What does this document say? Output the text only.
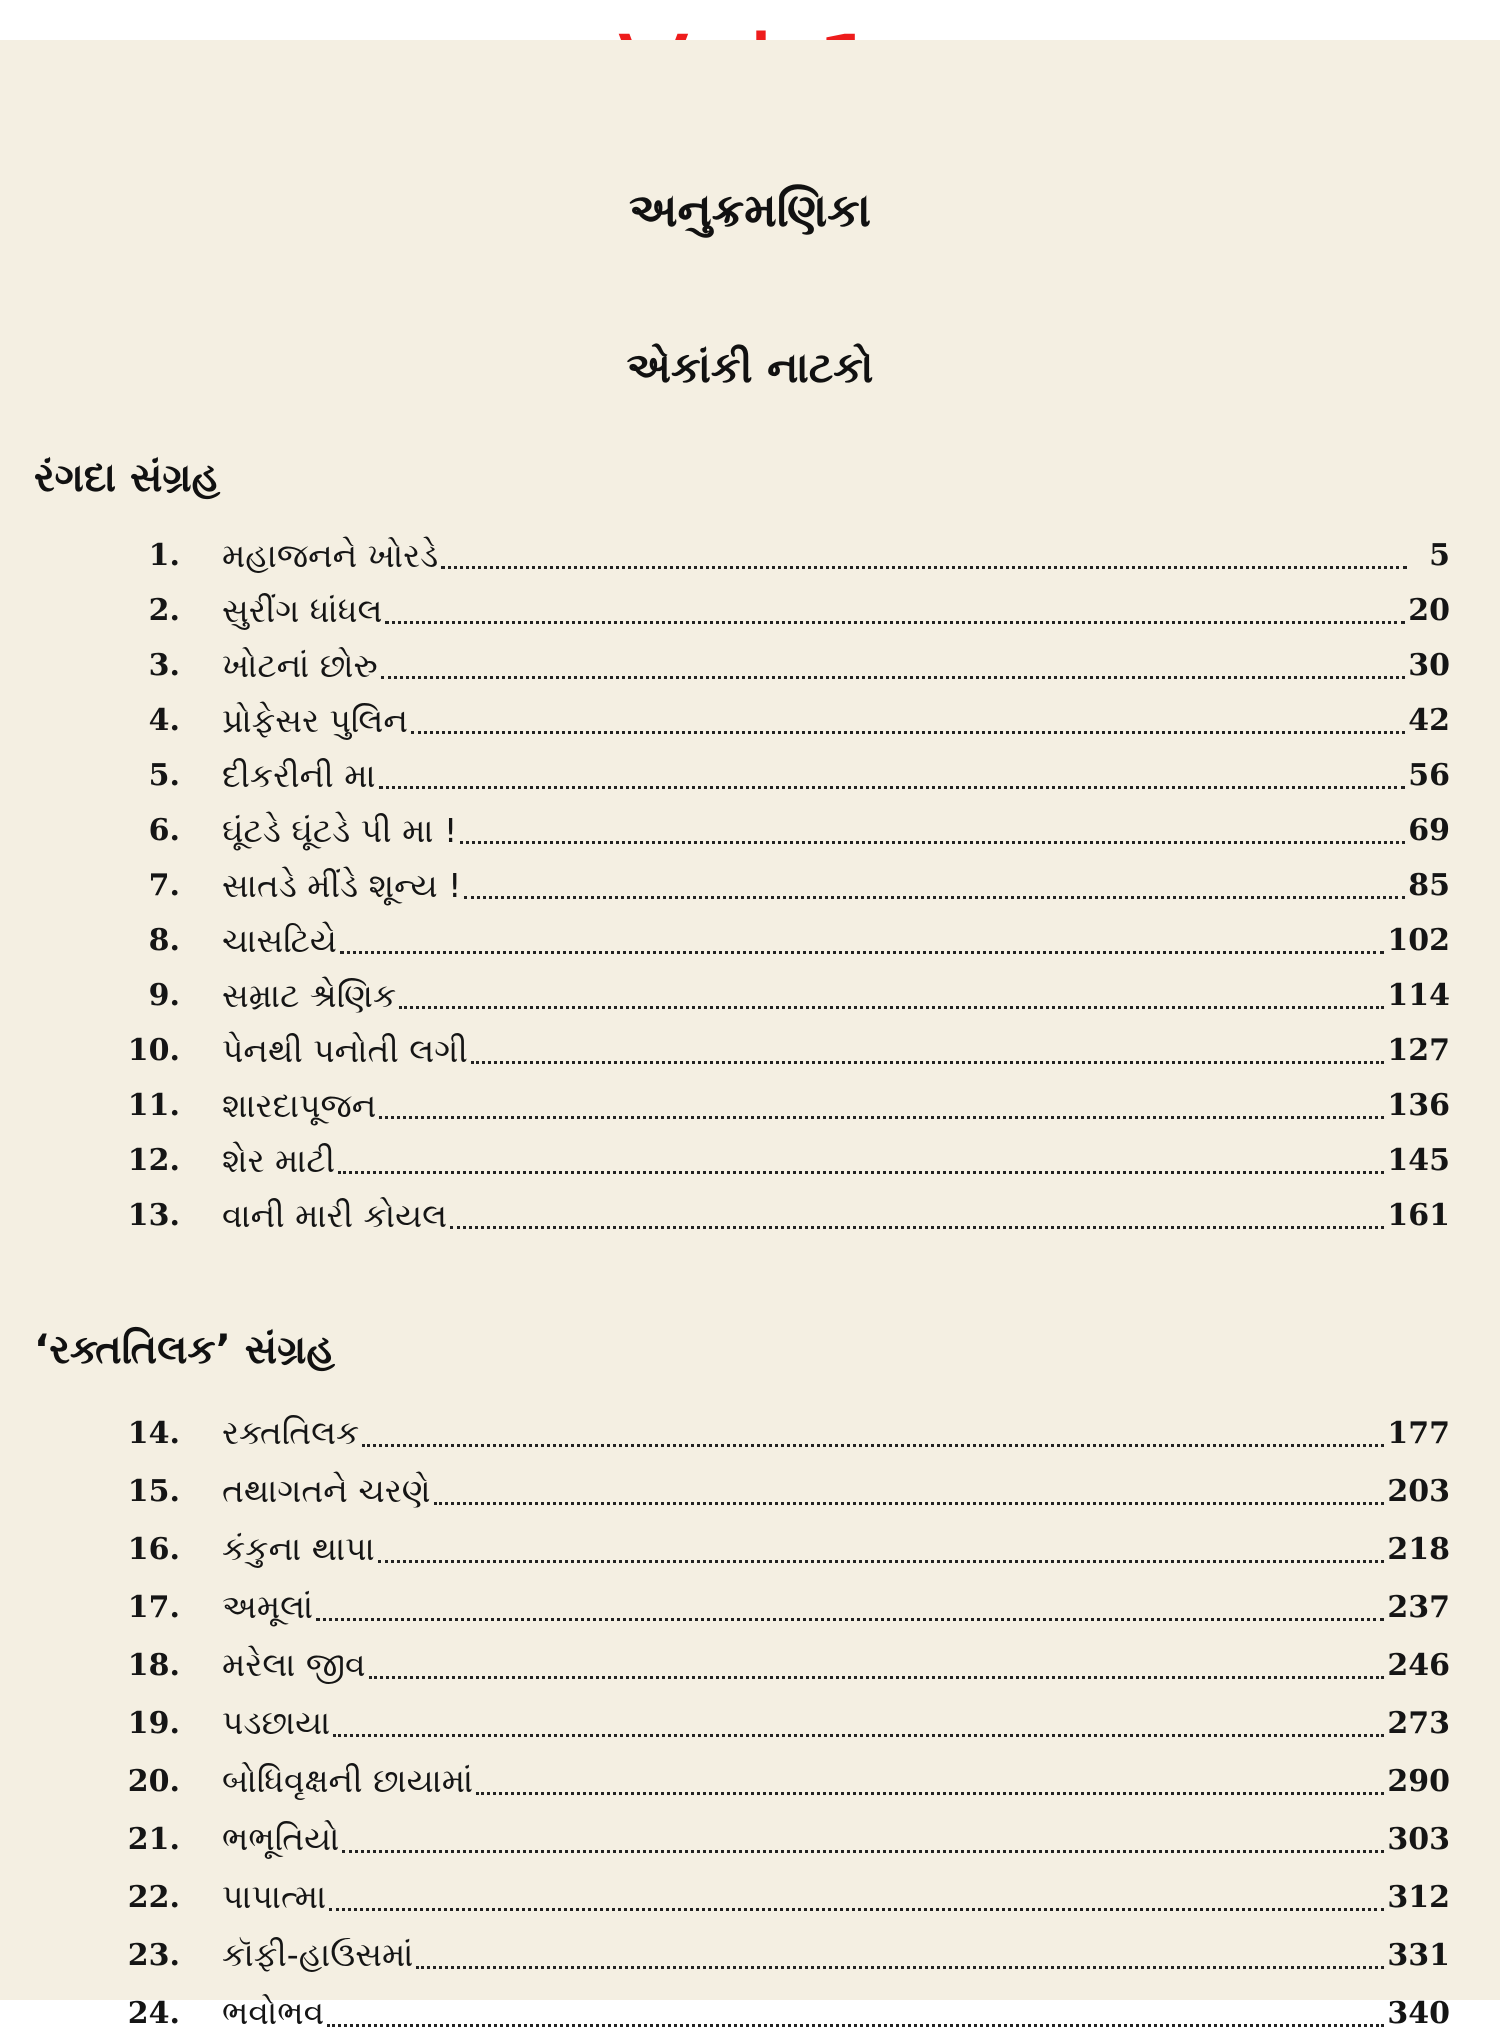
અનુક્રમણિકા
એકાંકી નાટકો
રંગદા સંગ્રહ
1. મહાજનને ખોરડે	5
2. સુરીંગ ધાંધલ	20
3. ખોટનાં છોરુ	30
4. પ્રોફેસર પુલિન	42
5. દીકરીની મા	56
6. ઘૂંટડે ઘૂંટડે પી મા !	69
7. સાતડે મીંડે શૂન્ય !	85
8. ચાસટિયે	102
9. સમ્રાટ શ્રેણિક	114
10. પેનથી પનોતી લગી	127
11. શારદાપૂજન	136
12. શેર માટી	145
13. વાની મારી કોયલ	161
‘રક્તતિલક’ સંગ્રહ
14. રક્તતિલક	177
15. તથાગતને ચરણે	203
16. કંકુના થાપા	218
17. અમૂલાં	237
18. મરેલા જીવ	246
19. પડછાયા	273
20. બોધિવૃક્ષની છાયામાં	290
21. ભભૂતિયો	303
22. પાપાત્મા	312
23. કૉફી-હાઉસમાં	331
24. ભવોભવ	340
